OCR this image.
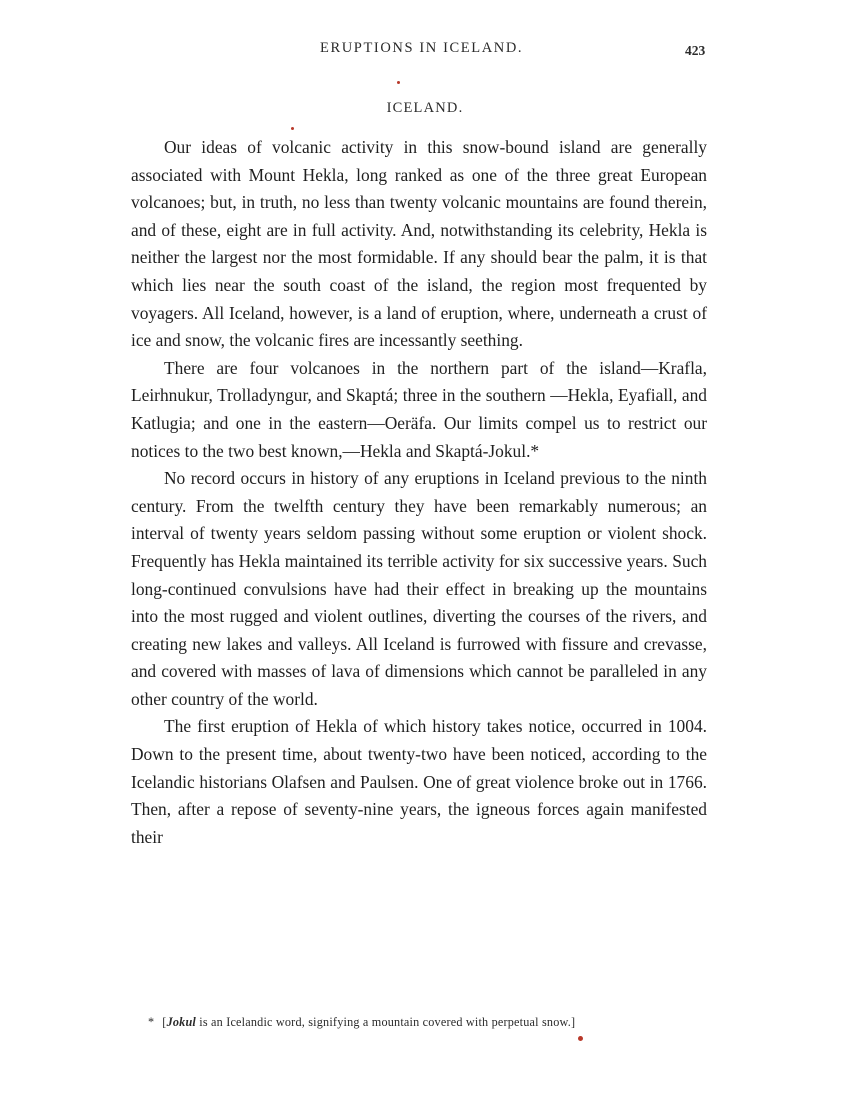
ERUPTIONS IN ICELAND.	423
ICELAND.

Our ideas of volcanic activity in this snow-bound island are generally associated with Mount Hekla, long ranked as one of the three great European volcanoes; but, in truth, no less than twenty volcanic mountains are found therein, and of these, eight are in full activity. And, notwithstanding its celebrity, Hekla is neither the largest nor the most formidable. If any should bear the palm, it is that which lies near the south coast of the island, the region most frequented by voyagers. All Iceland, however, is a land of eruption, where, underneath a crust of ice and snow, the volcanic fires are incessantly seething.

There are four volcanoes in the northern part of the island—Krafla, Leirhnukur, Trolladyngur, and Skaptá; three in the southern —Hekla, Eyafiall, and Katlugia; and one in the eastern—Oeräfa. Our limits compel us to restrict our notices to the two best known,—Hekla and Skaptá-Jokul.*

No record occurs in history of any eruptions in Iceland previous to the ninth century. From the twelfth century they have been remarkably numerous; an interval of twenty years seldom passing without some eruption or violent shock. Frequently has Hekla maintained its terrible activity for six successive years. Such long-continued convulsions have had their effect in breaking up the mountains into the most rugged and violent outlines, diverting the courses of the rivers, and creating new lakes and valleys. All Iceland is furrowed with fissure and crevasse, and covered with masses of lava of dimensions which cannot be paralleled in any other country of the world.

The first eruption of Hekla of which history takes notice, occurred in 1004. Down to the present time, about twenty-two have been noticed, according to the Icelandic historians Olafsen and Paulsen. One of great violence broke out in 1766. Then, after a repose of seventy-nine years, the igneous forces again manifested their

* [Jokul is an Icelandic word, signifying a mountain covered with perpetual snow.]
